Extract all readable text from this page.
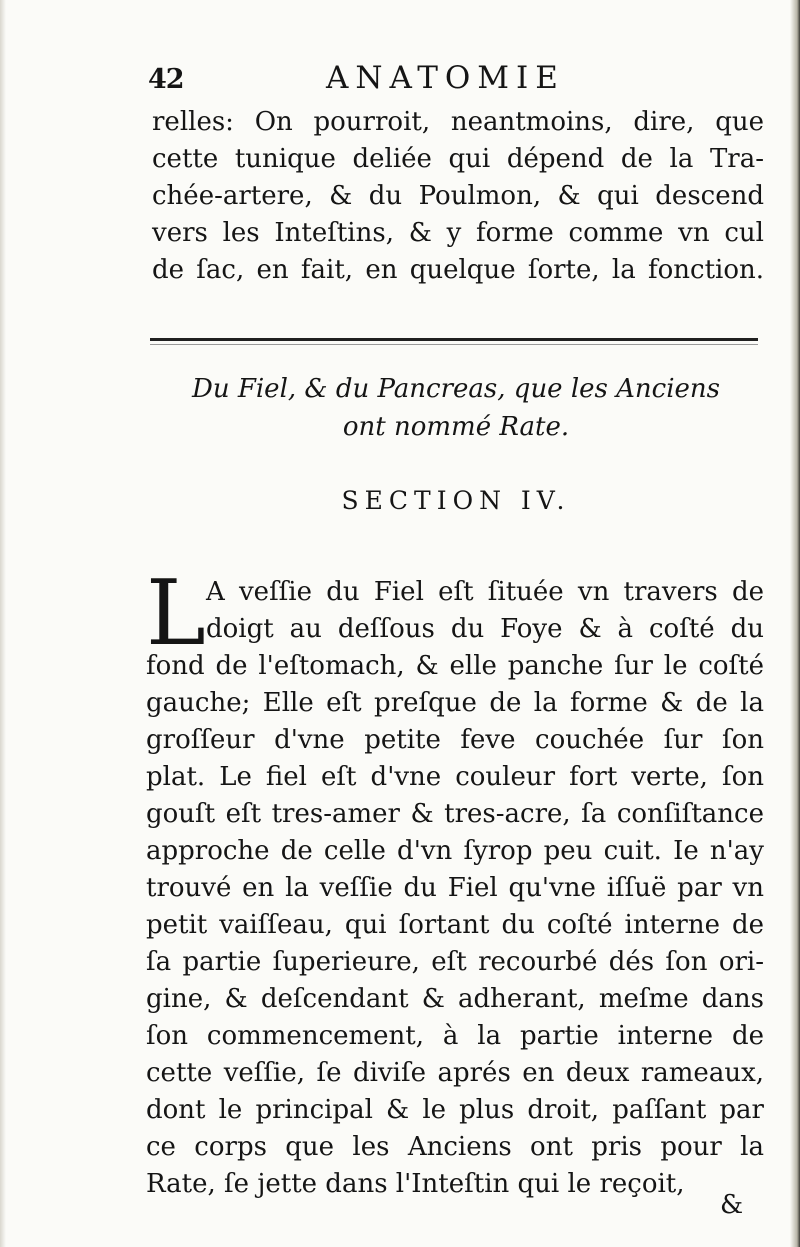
42	ANATOMIE
relles: On pourroit, neantmoins, dire, que
cette tunique deliée qui dépend de la Tra-
chée-artere, & du Poulmon, & qui descend
vers les Inteſtins, & y forme comme vn cul
de ſac, en fait, en quelque ſorte, la fonction.
Du Fiel, & du Pancreas, que les Anciens
ont nommé Rate.
SECTION IV.
L A veſſie du Fiel eſt ſituée vn travers de
doigt au deſſous du Foye & à coſté du
fond de l'eſtomach, & elle panche ſur le coſté
gauche; Elle eſt preſque de la forme & de la
groſſeur d'vne petite feve couchée ſur ſon
plat. Le fiel eſt d'vne couleur fort verte, ſon
gouſt eſt tres-amer & tres-acre, ſa conſiſtance
approche de celle d'vn ſyrop peu cuit. Ie n'ay
trouvé en la veſſie du Fiel qu'vne iſſuë par vn
petit vaiſſeau, qui ſortant du coſté interne de
ſa partie ſuperieure, eſt recourbé dés ſon ori-
gine, & deſcendant & adherant, meſme dans
ſon commencement, à la partie interne de
cette veſſie, ſe diviſe aprés en deux rameaux,
dont le principal & le plus droit, paſſant par
ce corps que les Anciens ont pris pour la
Rate, ſe jette dans l'Inteſtin qui le reçoit,
&
